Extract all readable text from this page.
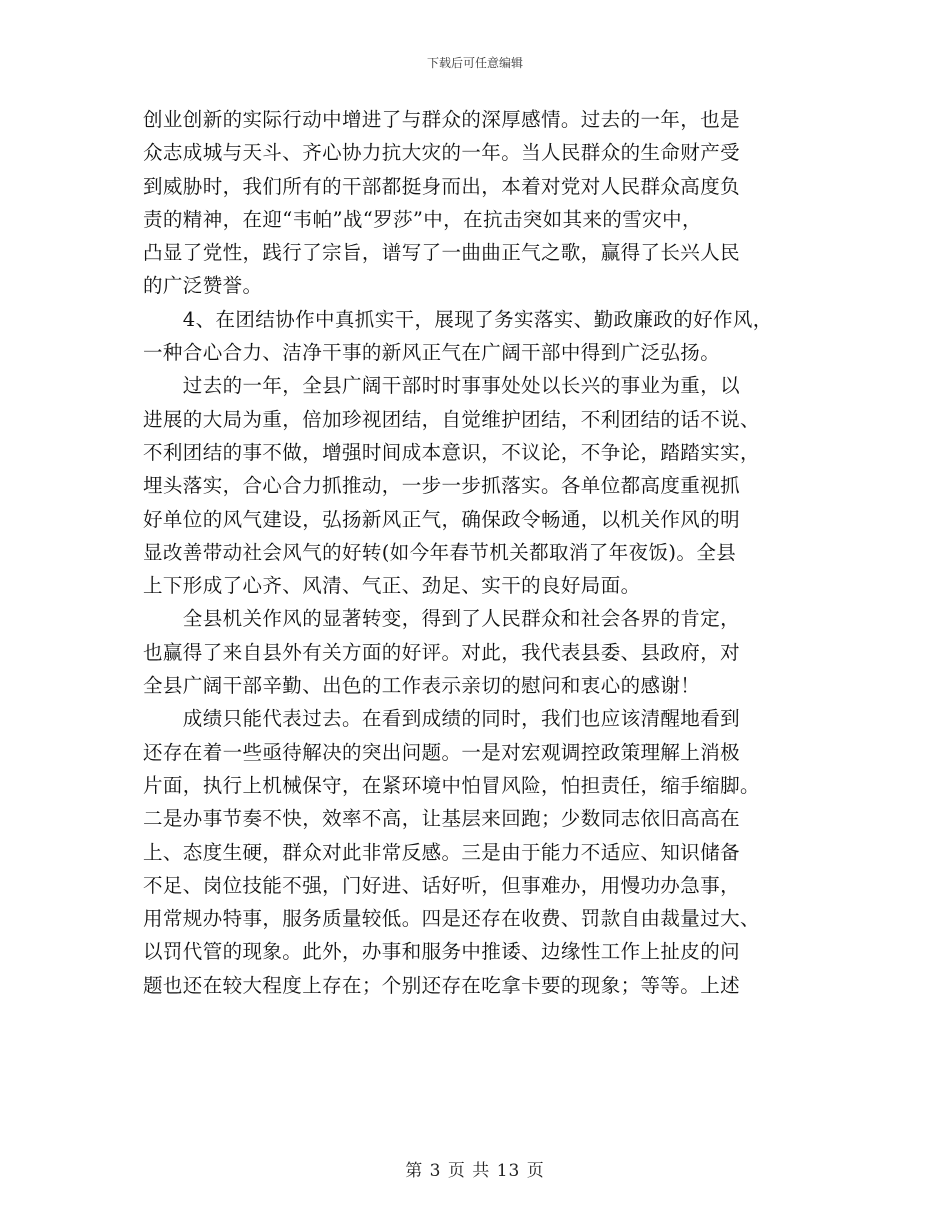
下载后可任意编辑
创业创新的实际行动中增进了与群众的深厚感情。过去的一年，也是
众志成城与天斗、齐心协力抗大灾的一年。当人民群众的生命财产受
到威胁时，我们所有的干部都挺身而出，本着对党对人民群众高度负
责的精神，在迎“韦帕”战“罗莎”中，在抗击突如其来的雪灾中，
凸显了党性，践行了宗旨，谱写了一曲曲正气之歌，赢得了长兴人民
的广泛赞誉。
　　4、在团结协作中真抓实干，展现了务实落实、勤政廉政的好作风，
一种合心合力、洁净干事的新风正气在广阔干部中得到广泛弘扬。
　　过去的一年，全县广阔干部时时事事处处以长兴的事业为重，以
进展的大局为重，倍加珍视团结，自觉维护团结，不利团结的话不说、
不利团结的事不做，增强时间成本意识，不议论，不争论，踏踏实实，
埋头落实，合心合力抓推动，一步一步抓落实。各单位都高度重视抓
好单位的风气建设，弘扬新风正气，确保政令畅通，以机关作风的明
显改善带动社会风气的好转(如今年春节机关都取消了年夜饭)。全县
上下形成了心齐、风清、气正、劲足、实干的良好局面。
　　全县机关作风的显著转变，得到了人民群众和社会各界的肯定，
也赢得了来自县外有关方面的好评。对此，我代表县委、县政府，对
全县广阔干部辛勤、出色的工作表示亲切的慰问和衷心的感谢！
　　成绩只能代表过去。在看到成绩的同时，我们也应该清醒地看到
还存在着一些亟待解决的突出问题。一是对宏观调控政策理解上消极
片面，执行上机械保守，在紧环境中怕冒风险，怕担责任，缩手缩脚。
二是办事节奏不快，效率不高，让基层来回跑；少数同志依旧高高在
上、态度生硬，群众对此非常反感。三是由于能力不适应、知识储备
不足、岗位技能不强，门好进、话好听，但事难办，用慢功办急事，
用常规办特事，服务质量较低。四是还存在收费、罚款自由裁量过大、
以罚代管的现象。此外，办事和服务中推诿、边缘性工作上扯皮的问
题也还在较大程度上存在；个别还存在吃拿卡要的现象；等等。上述
第 3 页 共 13 页
